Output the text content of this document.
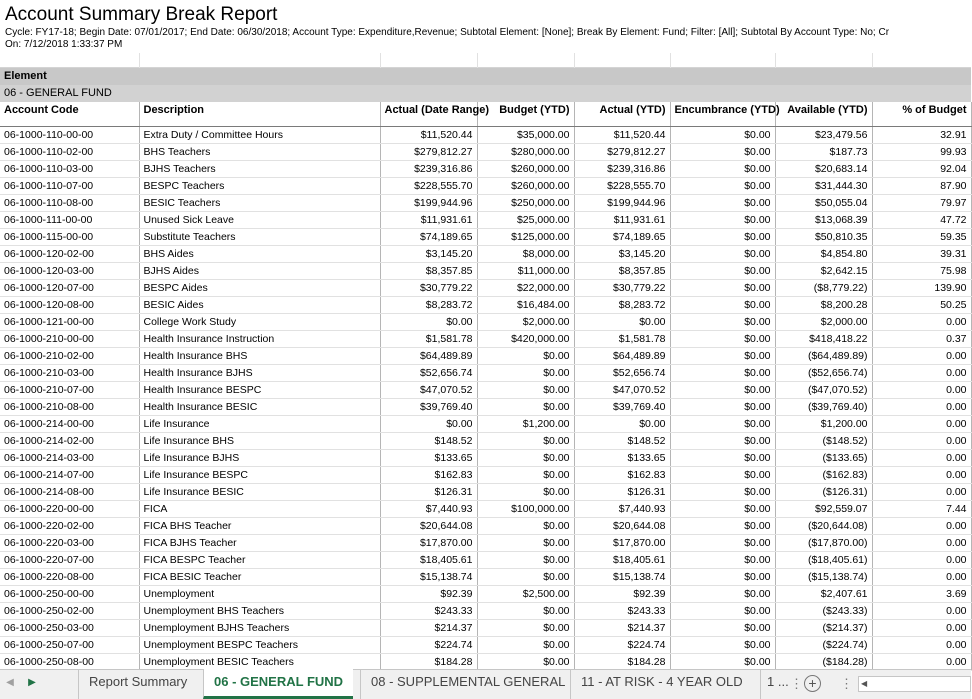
Account Summary Break Report
Cycle: FY17-18; Begin Date: 07/01/2017; End Date: 06/30/2018; Account Type: Expenditure,Revenue; Subtotal Element: [None]; Break By Element: Fund; Filter: [All]; Subtotal By Account Type: No; Cr
On: 7/12/2018 1:33:37 PM
Element
06 - GENERAL FUND
Account Code	Description	Actual (Date Range)	Budget (YTD)	Actual (YTD)	Encumbrance (YTD)	Available (YTD)	% of Budget
06-1000-110-00-00	Extra Duty / Committee Hours	$11,520.44	$35,000.00	$11,520.44	$0.00	$23,479.56	32.91
06-1000-110-02-00	BHS Teachers	$279,812.27	$280,000.00	$279,812.27	$0.00	$187.73	99.93
06-1000-110-03-00	BJHS Teachers	$239,316.86	$260,000.00	$239,316.86	$0.00	$20,683.14	92.04
06-1000-110-07-00	BESPC Teachers	$228,555.70	$260,000.00	$228,555.70	$0.00	$31,444.30	87.90
06-1000-110-08-00	BESIC Teachers	$199,944.96	$250,000.00	$199,944.96	$0.00	$50,055.04	79.97
06-1000-111-00-00	Unused Sick Leave	$11,931.61	$25,000.00	$11,931.61	$0.00	$13,068.39	47.72
06-1000-115-00-00	Substitute Teachers	$74,189.65	$125,000.00	$74,189.65	$0.00	$50,810.35	59.35
06-1000-120-02-00	BHS Aides	$3,145.20	$8,000.00	$3,145.20	$0.00	$4,854.80	39.31
06-1000-120-03-00	BJHS Aides	$8,357.85	$11,000.00	$8,357.85	$0.00	$2,642.15	75.98
06-1000-120-07-00	BESPC Aides	$30,779.22	$22,000.00	$30,779.22	$0.00	($8,779.22)	139.90
06-1000-120-08-00	BESIC Aides	$8,283.72	$16,484.00	$8,283.72	$0.00	$8,200.28	50.25
06-1000-121-00-00	College Work Study	$0.00	$2,000.00	$0.00	$0.00	$2,000.00	0.00
06-1000-210-00-00	Health Insurance Instruction	$1,581.78	$420,000.00	$1,581.78	$0.00	$418,418.22	0.37
06-1000-210-02-00	Health Insurance BHS	$64,489.89	$0.00	$64,489.89	$0.00	($64,489.89)	0.00
06-1000-210-03-00	Health Insurance BJHS	$52,656.74	$0.00	$52,656.74	$0.00	($52,656.74)	0.00
06-1000-210-07-00	Health Insurance BESPC	$47,070.52	$0.00	$47,070.52	$0.00	($47,070.52)	0.00
06-1000-210-08-00	Health Insurance BESIC	$39,769.40	$0.00	$39,769.40	$0.00	($39,769.40)	0.00
06-1000-214-00-00	Life Insurance	$0.00	$1,200.00	$0.00	$0.00	$1,200.00	0.00
06-1000-214-02-00	Life Insurance BHS	$148.52	$0.00	$148.52	$0.00	($148.52)	0.00
06-1000-214-03-00	Life Insurance BJHS	$133.65	$0.00	$133.65	$0.00	($133.65)	0.00
06-1000-214-07-00	Life Insurance BESPC	$162.83	$0.00	$162.83	$0.00	($162.83)	0.00
06-1000-214-08-00	Life Insurance BESIC	$126.31	$0.00	$126.31	$0.00	($126.31)	0.00
06-1000-220-00-00	FICA	$7,440.93	$100,000.00	$7,440.93	$0.00	$92,559.07	7.44
06-1000-220-02-00	FICA BHS Teacher	$20,644.08	$0.00	$20,644.08	$0.00	($20,644.08)	0.00
06-1000-220-03-00	FICA BJHS Teacher	$17,870.00	$0.00	$17,870.00	$0.00	($17,870.00)	0.00
06-1000-220-07-00	FICA BESPC Teacher	$18,405.61	$0.00	$18,405.61	$0.00	($18,405.61)	0.00
06-1000-220-08-00	FICA BESIC Teacher	$15,138.74	$0.00	$15,138.74	$0.00	($15,138.74)	0.00
06-1000-250-00-00	Unemployment	$92.39	$2,500.00	$92.39	$0.00	$2,407.61	3.69
06-1000-250-02-00	Unemployment BHS Teachers	$243.33	$0.00	$243.33	$0.00	($243.33)	0.00
06-1000-250-03-00	Unemployment BJHS Teachers	$214.37	$0.00	$214.37	$0.00	($214.37)	0.00
06-1000-250-07-00	Unemployment BESPC Teachers	$224.74	$0.00	$224.74	$0.00	($224.74)	0.00
06-1000-250-08-00	Unemployment BESIC Teachers	$184.28	$0.00	$184.28	$0.00	($184.28)	0.00
◀	▶	Report Summary	06 - GENERAL FUND	08 - SUPPLEMENTAL GENERAL	11 - AT RISK - 4 YEAR OLD	1 ... ⋮ +	⋮ ◀
